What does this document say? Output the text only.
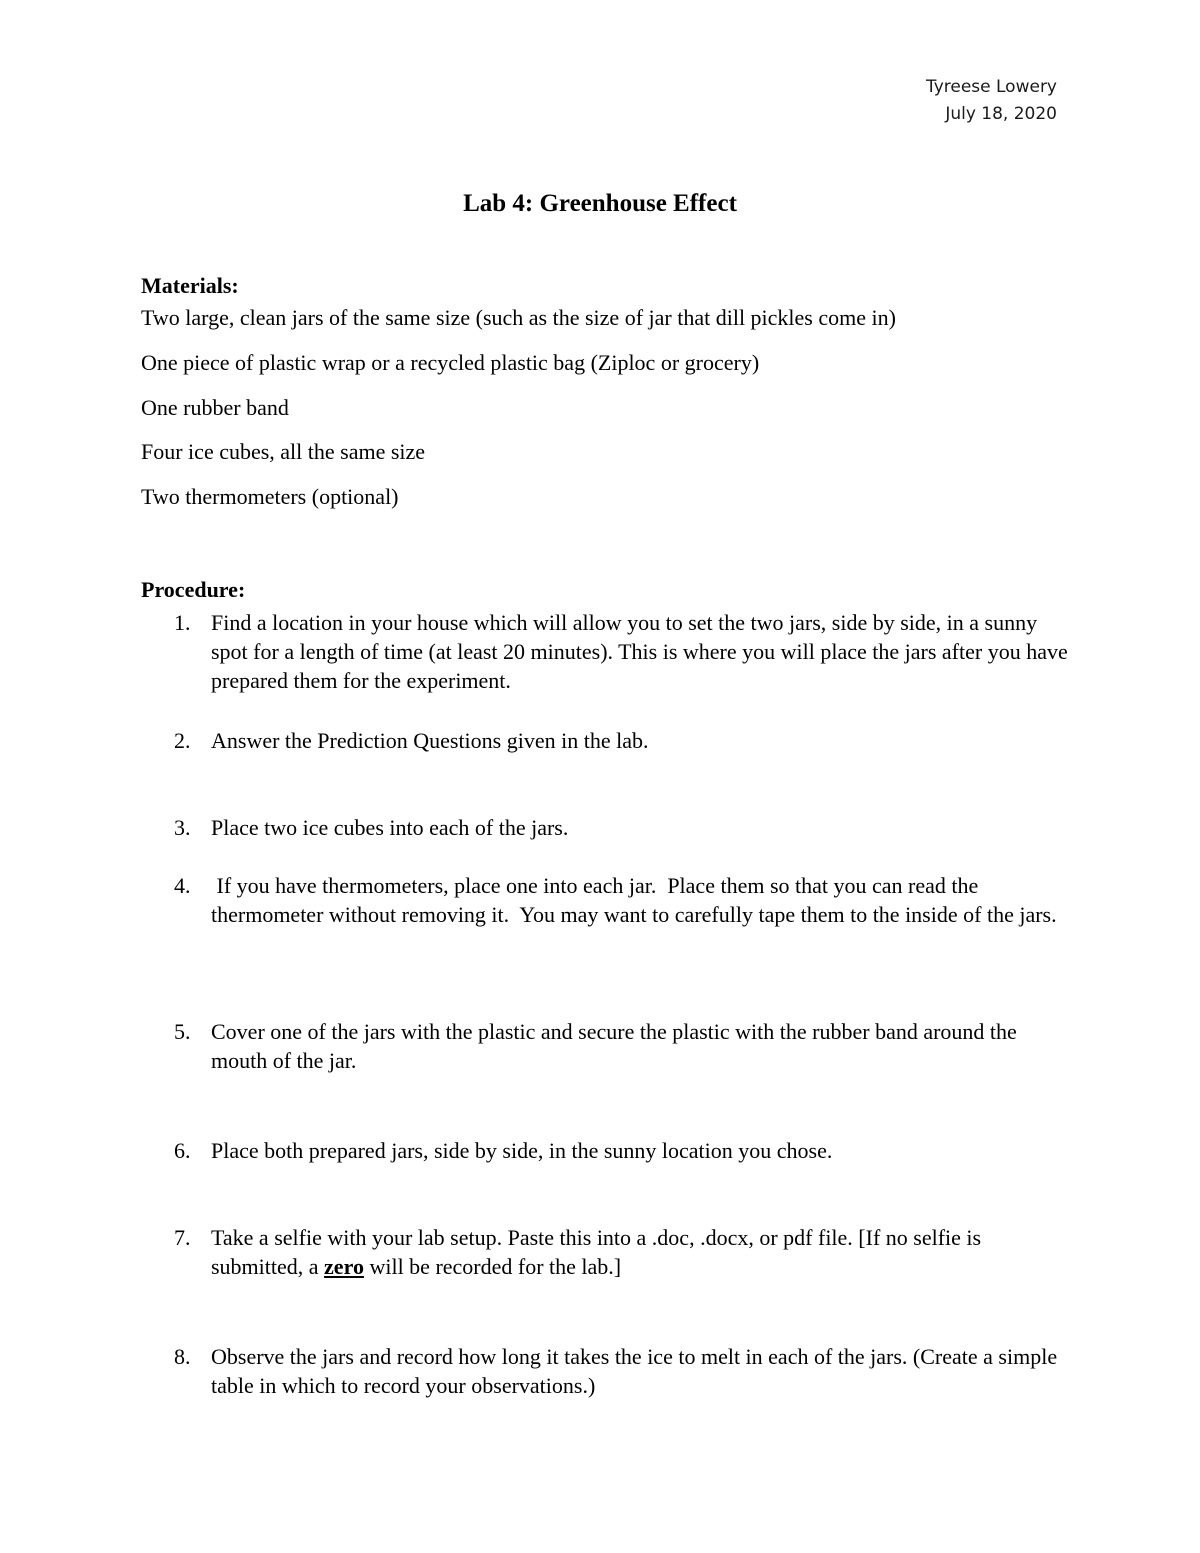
Tyreese Lowery
July 18, 2020
Lab 4: Greenhouse Effect
Materials:
Two large, clean jars of the same size (such as the size of jar that dill pickles come in)
One piece of plastic wrap or a recycled plastic bag (Ziploc or grocery)
One rubber band
Four ice cubes, all the same size
Two thermometers (optional)
Procedure:
1. Find a location in your house which will allow you to set the two jars, side by side, in a sunny spot for a length of time (at least 20 minutes). This is where you will place the jars after you have prepared them for the experiment.
2. Answer the Prediction Questions given in the lab.
3. Place two ice cubes into each of the jars.
4. If you have thermometers, place one into each jar.  Place them so that you can read the thermometer without removing it.  You may want to carefully tape them to the inside of the jars.
5. Cover one of the jars with the plastic and secure the plastic with the rubber band around the mouth of the jar.
6. Place both prepared jars, side by side, in the sunny location you chose.
7. Take a selfie with your lab setup. Paste this into a .doc, .docx, or pdf file. [If no selfie is submitted, a zero will be recorded for the lab.]
8. Observe the jars and record how long it takes the ice to melt in each of the jars. (Create a simple table in which to record your observations.)
